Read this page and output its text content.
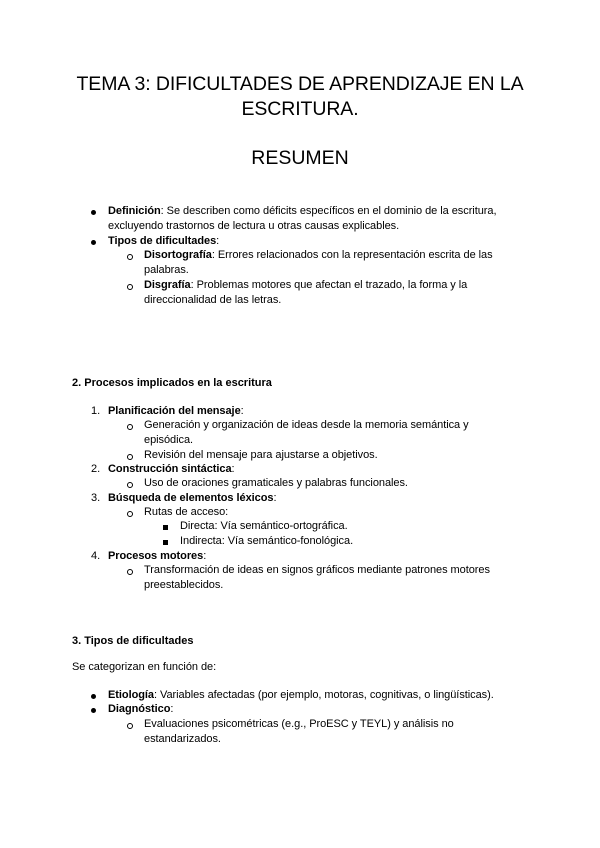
TEMA 3: DIFICULTADES DE APRENDIZAJE EN LA
ESCRITURA.
RESUMEN
Definición: Se describen como déficits específicos en el dominio de la escritura,
excluyendo trastornos de lectura u otras causas explicables.
Tipos de dificultades:
Disortografía: Errores relacionados con la representación escrita de las
palabras.
Disgrafía: Problemas motores que afectan el trazado, la forma y la
direccionalidad de las letras.
2. Procesos implicados en la escritura
1. Planificación del mensaje:
Generación y organización de ideas desde la memoria semántica y
episódica.
Revisión del mensaje para ajustarse a objetivos.
2. Construcción sintáctica:
Uso de oraciones gramaticales y palabras funcionales.
3. Búsqueda de elementos léxicos:
Rutas de acceso:
Directa: Vía semántico-ortográfica.
Indirecta: Vía semántico-fonológica.
4. Procesos motores:
Transformación de ideas en signos gráficos mediante patrones motores
preestablecidos.
3. Tipos de dificultades
Se categorizan en función de:
Etiología: Variables afectadas (por ejemplo, motoras, cognitivas, o lingüísticas).
Diagnóstico:
Evaluaciones psicométricas (e.g., ProESC y TEYL) y análisis no
estandarizados.
